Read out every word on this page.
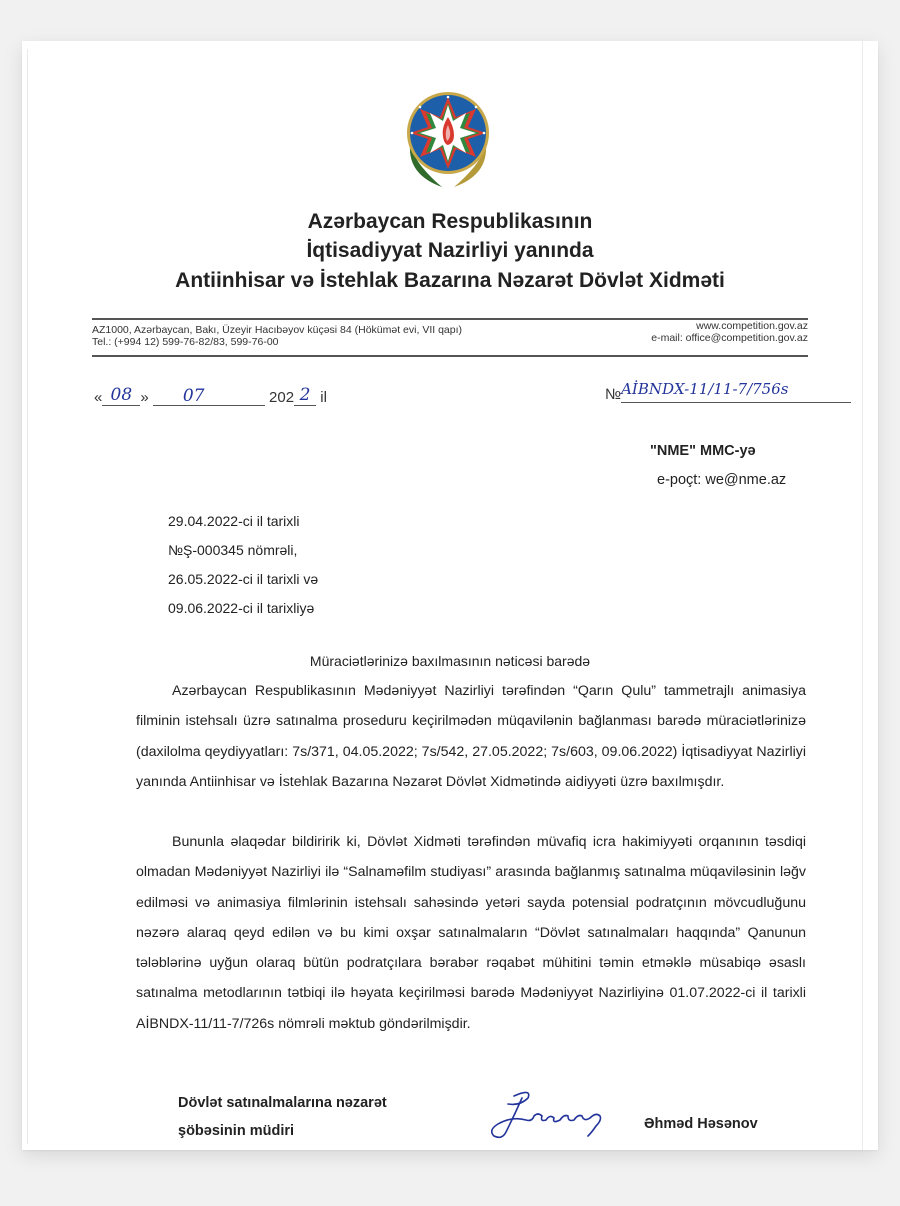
Azərbaycan Respublikasının
İqtisadiyyat Nazirliyi yanında
Antiinhisar və İstehlak Bazarına Nəzarət Dövlət Xidməti
AZ1000, Azərbaycan, Bakı, Üzeyir Hacıbəyov küçəsi 84 (Hökümət evi, VII qapı)
Tel.: (+994 12) 599-76-82/83, 599-76-00
www.competition.gov.az
e-mail: office@competition.gov.az
« 08 » 07	202 2 il	№AİBNDX-11/11-7/756s
"NME" MMC-yə
e-poçt: we@nme.az
29.04.2022-ci il tarixli
№Ş-000345 nömrəli,
26.05.2022-ci il tarixli və
09.06.2022-ci il tarixliyə
Müraciətlərinizə baxılmasının nəticəsi barədə

Azərbaycan Respublikasının Mədəniyyət Nazirliyi tərəfindən “Qarın Qulu” tammetrajlı animasiya filminin istehsalı üzrə satınalma proseduru keçirilmədən müqavilənin bağlanması barədə müraciətlərinizə (daxilolma qeydiyyatları: 7s/371, 04.05.2022; 7s/542, 27.05.2022; 7s/603, 09.06.2022) İqtisadiyyat Nazirliyi yanında Antiinhisar və İstehlak Bazarına Nəzarət Dövlət Xidmətində aidiyyəti üzrə baxılmışdır.

Bununla əlaqədar bildiririk ki, Dövlət Xidməti tərəfindən müvafiq icra hakimiyyəti orqanının təsdiqi olmadan Mədəniyyət Nazirliyi ilə “Salnaməfilm studiyası” arasında bağlanmış satınalma müqaviləsinin ləğv edilməsi və animasiya filmlərinin istehsalı sahəsində yetəri sayda potensial podratçının mövcudluğunu nəzərə alaraq qeyd edilən və bu kimi oxşar satınalmaların “Dövlət satınalmaları haqqında” Qanunun tələblərinə uyğun olaraq bütün podratçılara bərabər rəqabət mühitini təmin etməklə müsabiqə əsaslı satınalma metodlarının tətbiqi ilə həyata keçirilməsi barədə Mədəniyyət Nazirliyinə 01.07.2022-ci il tarixli AİBNDX-11/11-7/726s nömrəli məktub göndərilmişdir.

Dövlət satınalmalarına nəzarət
şöbəsinin müdiri	Əhməd Həsənov
